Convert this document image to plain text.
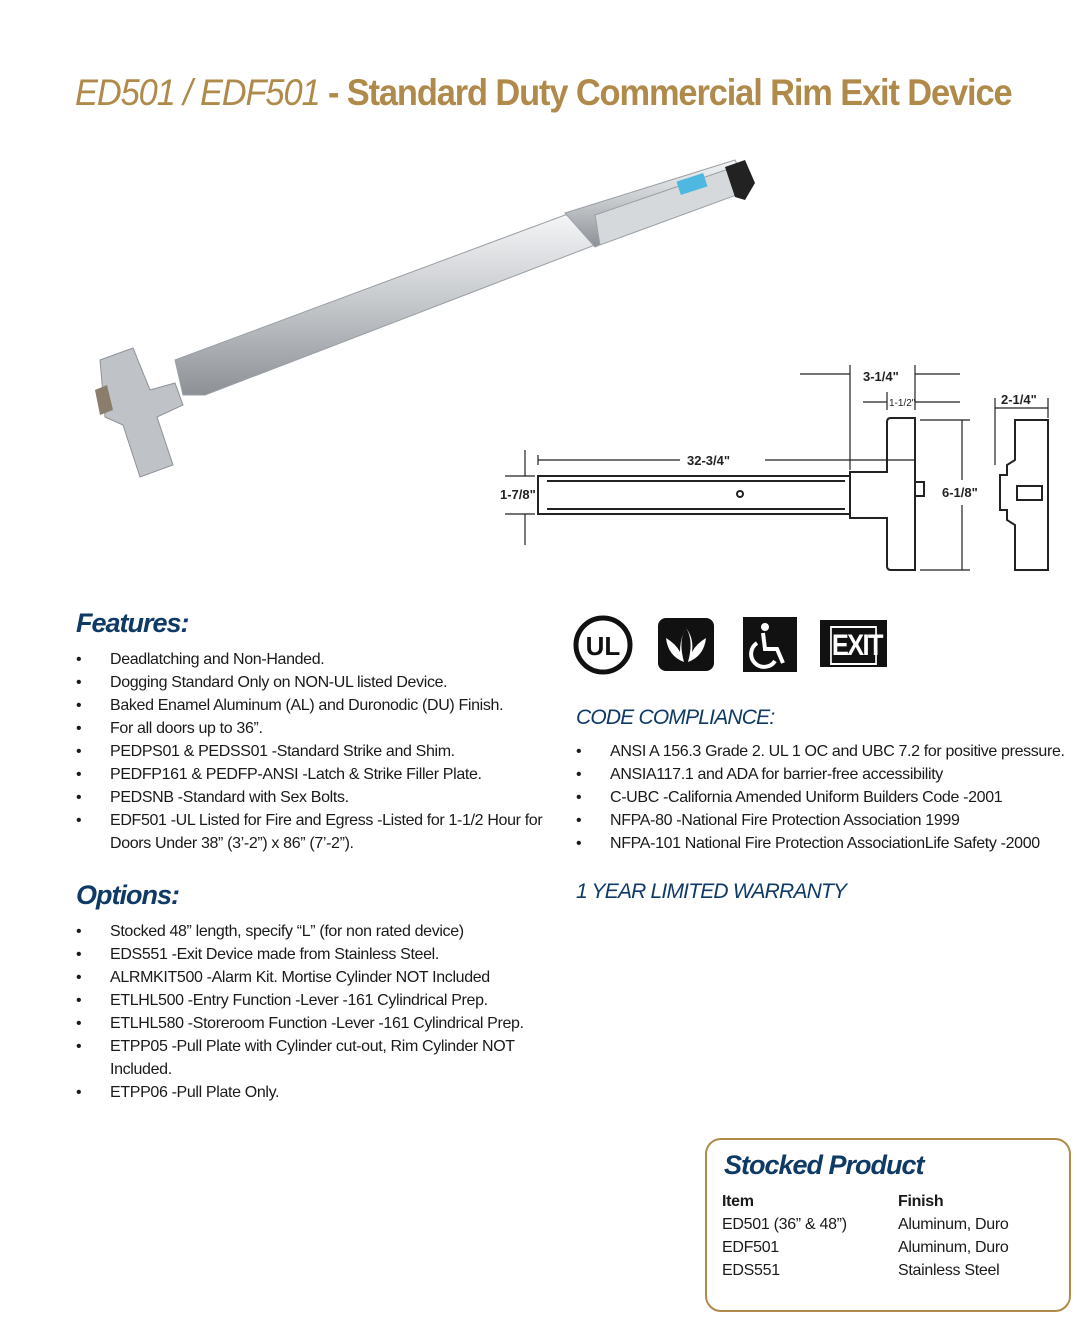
ED501 / EDF501 - Standard Duty Commercial Rim Exit Device
32-3/4"
3-1/4"
1-1/2"
6-1/8"
1-7/8"
2-1/4"
Features:
• Deadlatching and Non-Handed.
• Dogging Standard Only on NON-UL listed Device.
• Baked Enamel Aluminum (AL) and Duronodic (DU) Finish.
• For all doors up to 36”.
• PEDPS01 & PEDSS01 -Standard Strike and Shim.
• PEDFP161 & PEDFP-ANSI -Latch & Strike Filler Plate.
• PEDSNB -Standard with Sex Bolts.
• EDF501 -UL Listed for Fire and Egress -Listed for 1-1/2 Hour for Doors Under 38” (3’-2”) x 86” (7’-2”).
Options:
• Stocked 48” length, specify “L” (for non rated device)
• EDS551 -Exit Device made from Stainless Steel.
• ALRMKIT500 -Alarm Kit. Mortise Cylinder NOT Included
• ETLHL500 -Entry Function -Lever -161 Cylindrical Prep.
• ETLHL580 -Storeroom Function -Lever -161 Cylindrical Prep.
• ETPP05 -Pull Plate with Cylinder cut-out, Rim Cylinder NOT Included.
• ETPP06 -Pull Plate Only.
UL	EXIT
CODE COMPLIANCE:
• ANSI A 156.3 Grade 2. UL 1 OC and UBC 7.2 for positive pressure.
• ANSIA117.1 and ADA for barrier-free accessibility
• C-UBC -California Amended Uniform Builders Code -2001
• NFPA-80 -National Fire Protection Association 1999
• NFPA-101 National Fire Protection AssociationLife Safety -2000
1 YEAR LIMITED WARRANTY
Stocked Product
Item	Finish
ED501 (36” & 48”)	Aluminum, Duro
EDF501	Aluminum, Duro
EDS551	Stainless Steel
